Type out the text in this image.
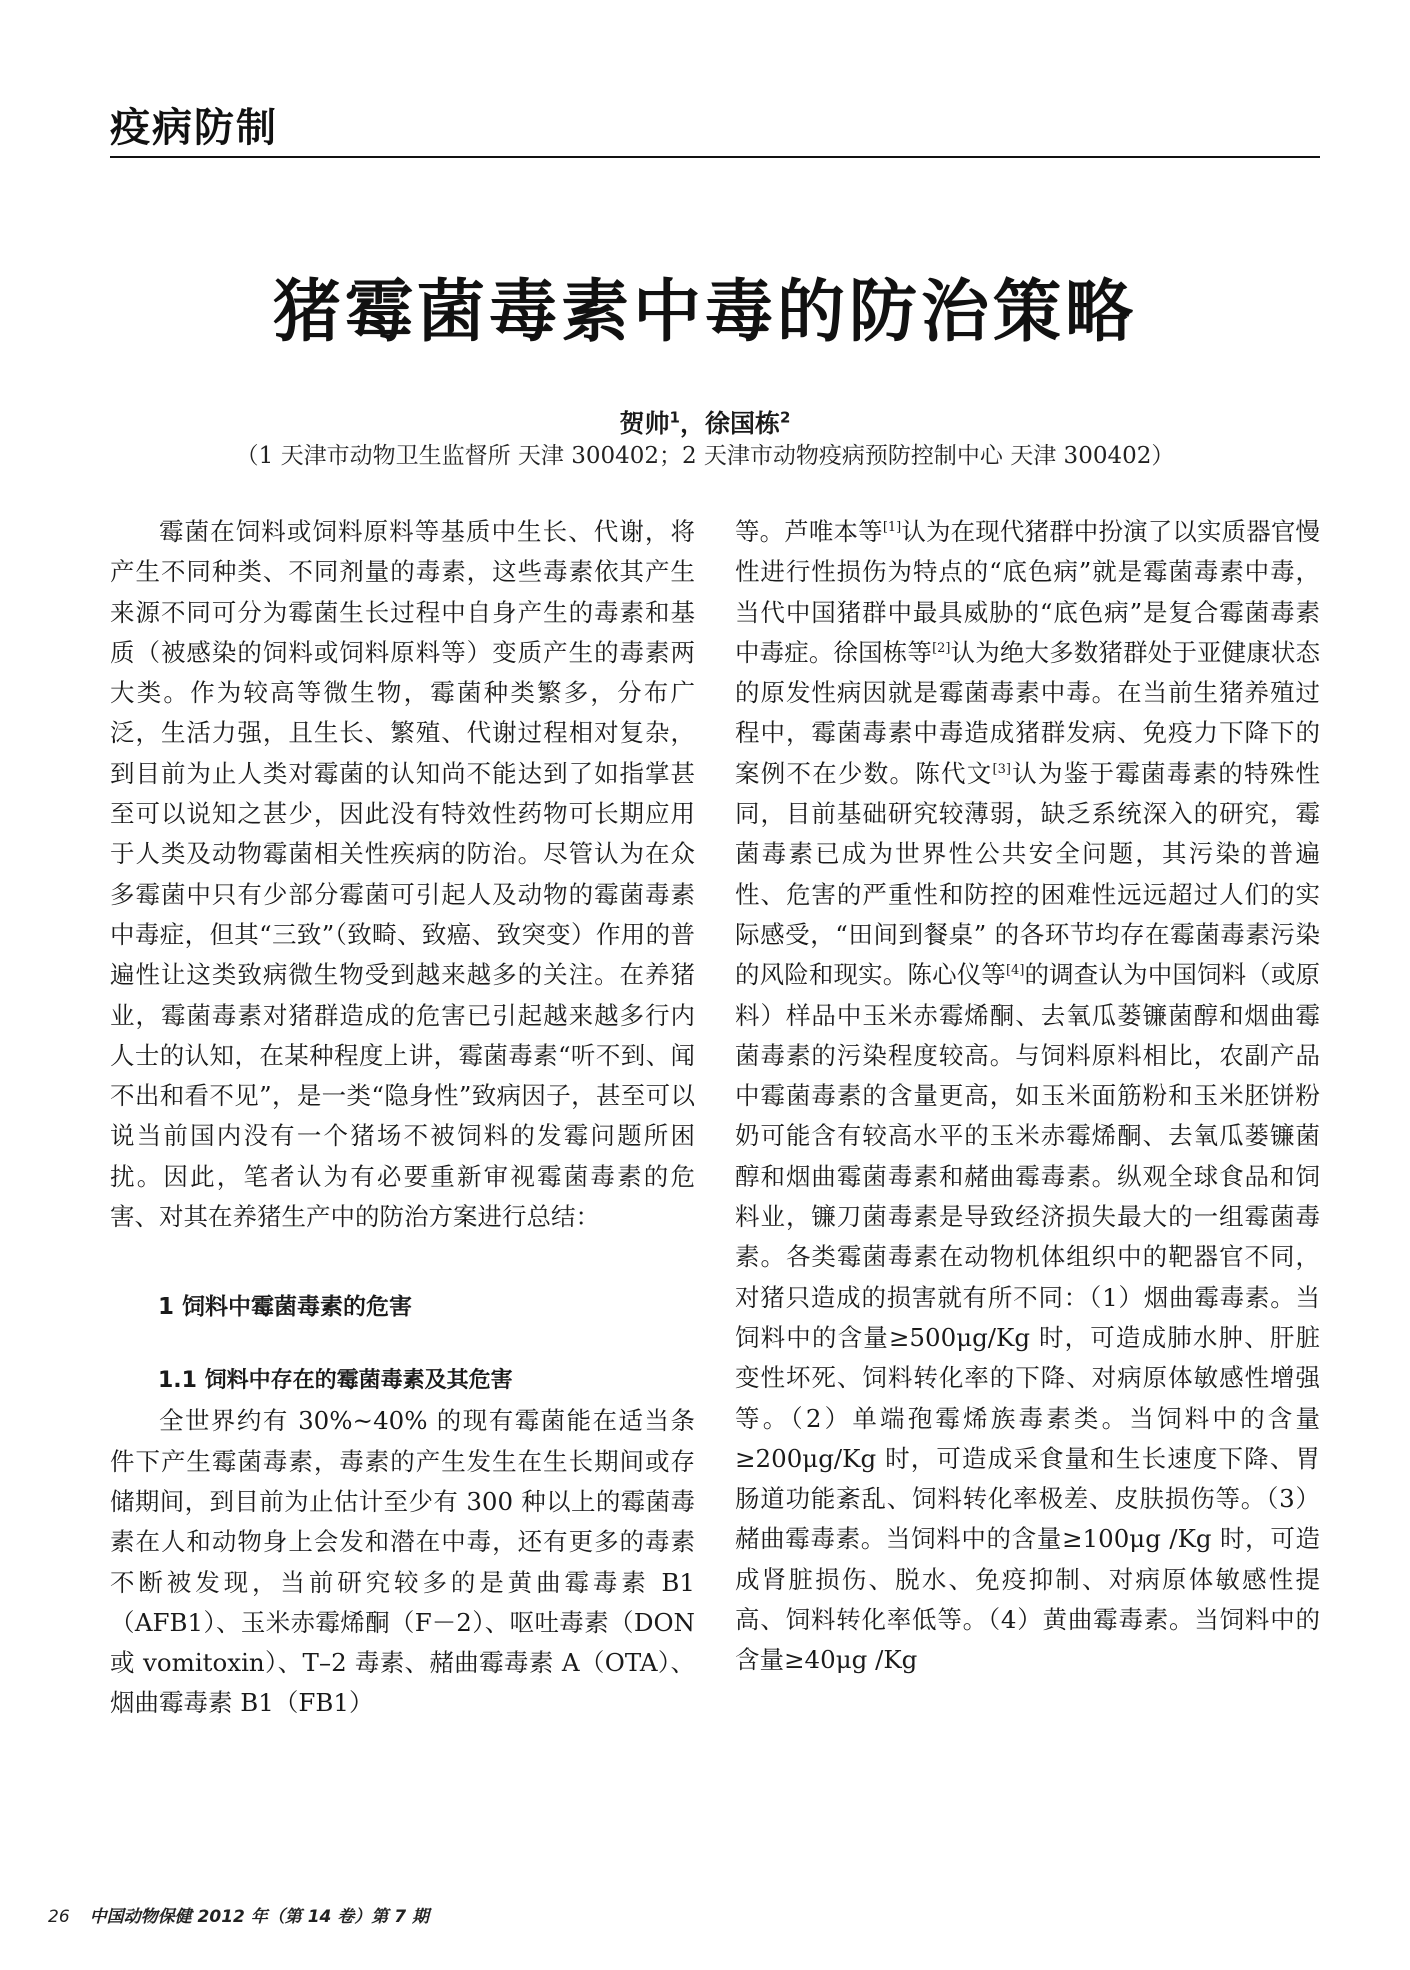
疫病防制
猪霉菌毒素中毒的防治策略
贺帅$^1$，徐国栋$^2$
（1 天津市动物卫生监督所 天津 300402；2 天津市动物疫病预防控制中心 天津 300402）

霉菌在饲料或饲料原料等基质中生长、代谢，将产生不同种类、不同剂量的毒素，这些毒素依其产生来源不同可分为霉菌生长过程中自身产生的毒素和基质（被感染的饲料或饲料原料等）变质产生的毒素两大类。作为较高等微生物，霉菌种类繁多，分布广泛，生活力强，且生长、繁殖、代谢过程相对复杂，到目前为止人类对霉菌的认知尚不能达到了如指掌甚至可以说知之甚少，因此没有特效性药物可长期应用于人类及动物霉菌相关性疾病的防治。尽管认为在众多霉菌中只有少部分霉菌可引起人及动物的霉菌毒素中毒症，但其“三致”（致畸、致癌、致突变）作用的普遍性让这类致病微生物受到越来越多的关注。在养猪业，霉菌毒素对猪群造成的危害已引起越来越多行内人士的认知，在某种程度上讲，霉菌毒素“听不到、闻不出和看不见”，是一类“隐身性”致病因子，甚至可以说当前国内没有一个猪场不被饲料的发霉问题所困扰。因此，笔者认为有必要重新审视霉菌毒素的危害、对其在养猪生产中的防治方案进行总结：

1 饲料中霉菌毒素的危害
1.1 饲料中存在的霉菌毒素及其危害

全世界约有 30%~40% 的现有霉菌能在适当条件下产生霉菌毒素，毒素的产生发生在生长期间或存储期间，到目前为止估计至少有 300 种以上的霉菌毒素在人和动物身上会发和潜在中毒，还有更多的毒素不断被发现，当前研究较多的是黄曲霉毒素 B1（AFB1）、玉米赤霉烯酮（F－2）、呕吐毒素（DON 或 vomitoxin）、T–2 毒素、赭曲霉毒素 A（OTA）、烟曲霉毒素 B1（FB1）

等。芦唯本等[1]认为在现代猪群中扮演了以实质器官慢性进行性损伤为特点的“底色病”就是霉菌毒素中毒，当代中国猪群中最具威胁的“底色病”是复合霉菌毒素中毒症。徐国栋等[2]认为绝大多数猪群处于亚健康状态的原发性病因就是霉菌毒素中毒。在当前生猪养殖过程中，霉菌毒素中毒造成猪群发病、免疫力下降下的案例不在少数。陈代文[3]认为鉴于霉菌毒素的特殊性同，目前基础研究较薄弱，缺乏系统深入的研究，霉菌毒素已成为世界性公共安全问题，其污染的普遍性、危害的严重性和防控的困难性远远超过人们的实际感受，“田间到餐桌” 的各环节均存在霉菌毒素污染的风险和现实。陈心仪等[4]的调查认为中国饲料（或原料）样品中玉米赤霉烯酮、去氧瓜蒌镰菌醇和烟曲霉菌毒素的污染程度较高。与饲料原料相比，农副产品中霉菌毒素的含量更高，如玉米面筋粉和玉米胚饼粉奶可能含有较高水平的玉米赤霉烯酮、去氧瓜蒌镰菌醇和烟曲霉菌毒素和赭曲霉毒素。纵观全球食品和饲料业，镰刀菌毒素是导致经济损失最大的一组霉菌毒素。各类霉菌毒素在动物机体组织中的靶器官不同，对猪只造成的损害就有所不同：（1）烟曲霉毒素。当饲料中的含量≥500μg/Kg 时，可造成肺水肿、肝脏变性坏死、饲料转化率的下降、对病原体敏感性增强等。（2）单端孢霉烯族毒素类。当饲料中的含量≥200μg/Kg 时，可造成采食量和生长速度下降、胃肠道功能紊乱、饲料转化率极差、皮肤损伤等。（3）赭曲霉毒素。当饲料中的含量≥100μg /Kg 时，可造成肾脏损伤、脱水、免疫抑制、对病原体敏感性提高、饲料转化率低等。（4）黄曲霉毒素。当饲料中的含量≥40μg /Kg

26 中国动物保健 2012 年（第 14 卷）第 7 期
